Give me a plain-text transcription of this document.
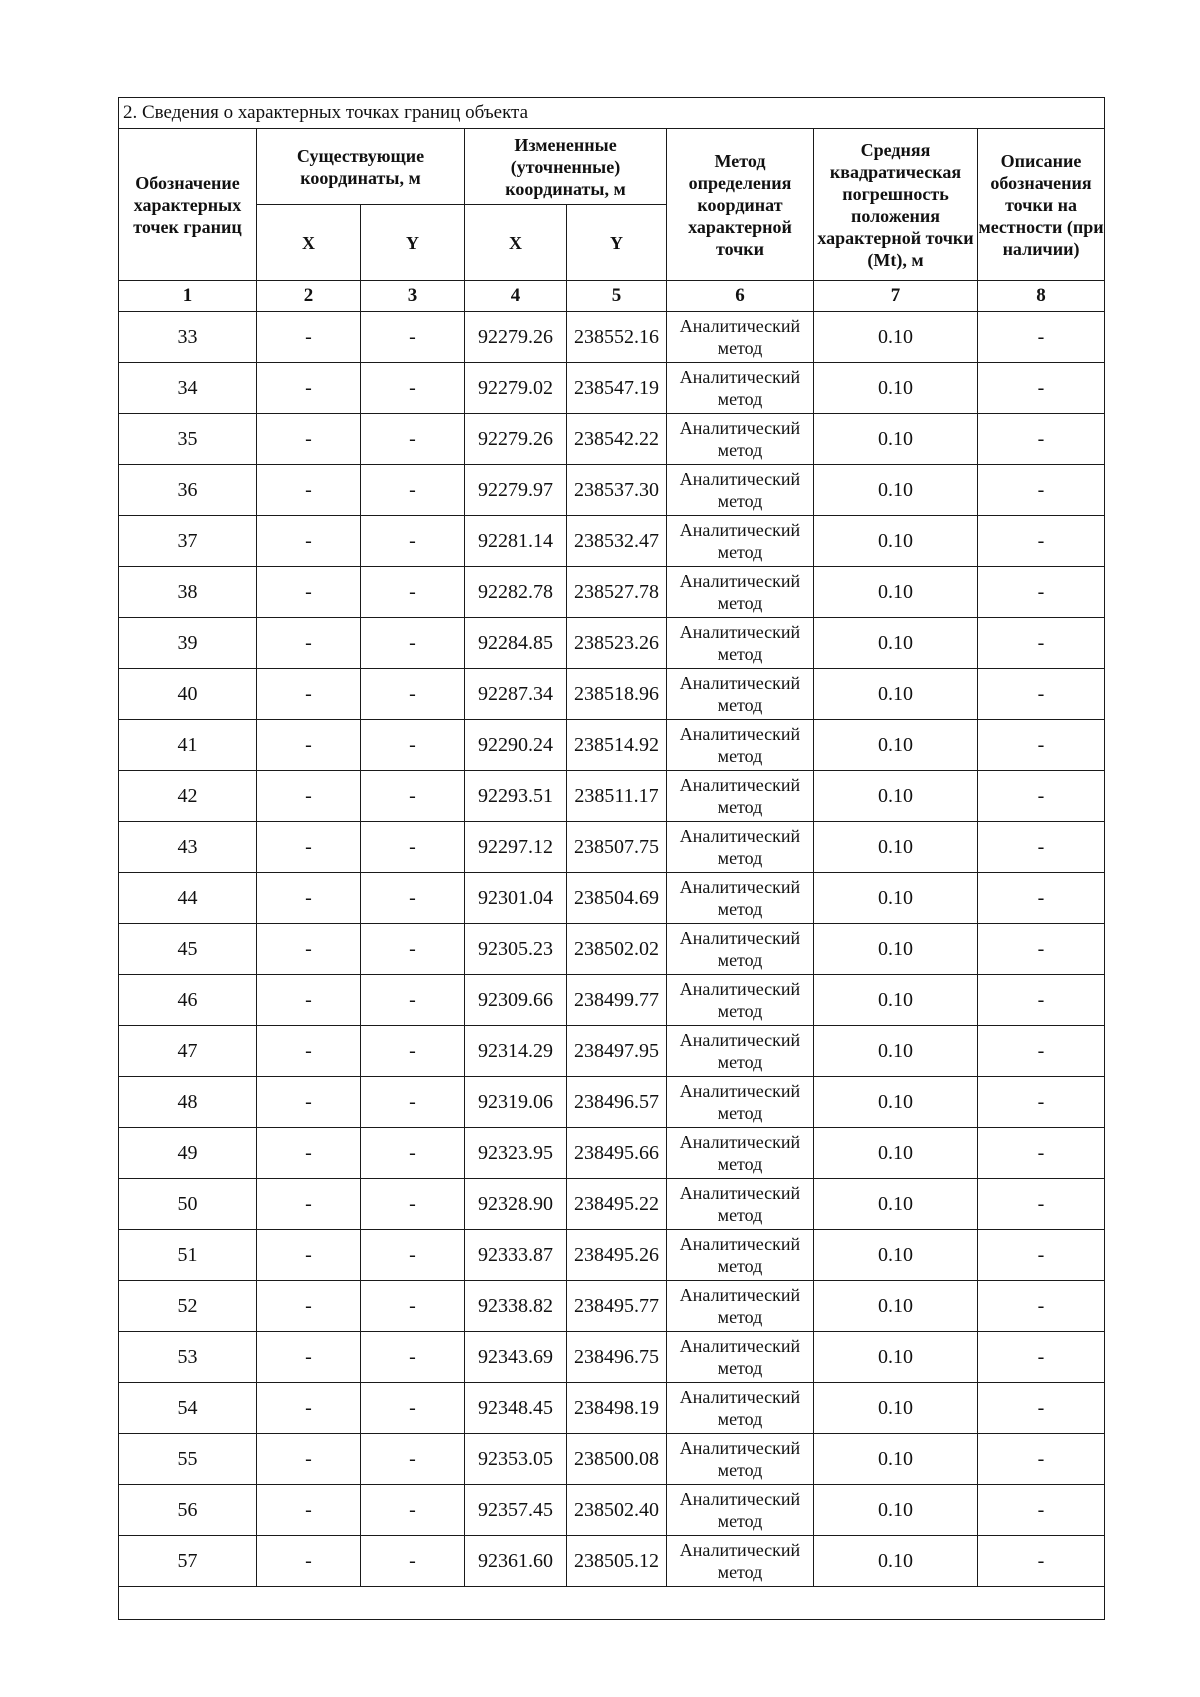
2. Сведения о характерных точках границ объекта							
Обозначение характерных точек границ	Существующие координаты, м		Измененные (уточненные) координаты, м		Метод определения координат характерной точки	Средняя квадратическая погрешность положения характерной точки (Mt), м	Описание обозначения точки на местности (при наличии)
	X	Y	X	Y			
1	2	3	4	5	6	7	8
33	-	-	92279.26	238552.16	Аналитический метод	0.10	-
34	-	-	92279.02	238547.19	Аналитический метод	0.10	-
35	-	-	92279.26	238542.22	Аналитический метод	0.10	-
36	-	-	92279.97	238537.30	Аналитический метод	0.10	-
37	-	-	92281.14	238532.47	Аналитический метод	0.10	-
38	-	-	92282.78	238527.78	Аналитический метод	0.10	-
39	-	-	92284.85	238523.26	Аналитический метод	0.10	-
40	-	-	92287.34	238518.96	Аналитический метод	0.10	-
41	-	-	92290.24	238514.92	Аналитический метод	0.10	-
42	-	-	92293.51	238511.17	Аналитический метод	0.10	-
43	-	-	92297.12	238507.75	Аналитический метод	0.10	-
44	-	-	92301.04	238504.69	Аналитический метод	0.10	-
45	-	-	92305.23	238502.02	Аналитический метод	0.10	-
46	-	-	92309.66	238499.77	Аналитический метод	0.10	-
47	-	-	92314.29	238497.95	Аналитический метод	0.10	-
48	-	-	92319.06	238496.57	Аналитический метод	0.10	-
49	-	-	92323.95	238495.66	Аналитический метод	0.10	-
50	-	-	92328.90	238495.22	Аналитический метод	0.10	-
51	-	-	92333.87	238495.26	Аналитический метод	0.10	-
52	-	-	92338.82	238495.77	Аналитический метод	0.10	-
53	-	-	92343.69	238496.75	Аналитический метод	0.10	-
54	-	-	92348.45	238498.19	Аналитический метод	0.10	-
55	-	-	92353.05	238500.08	Аналитический метод	0.10	-
56	-	-	92357.45	238502.40	Аналитический метод	0.10	-
57	-	-	92361.60	238505.12	Аналитический метод	0.10	-
